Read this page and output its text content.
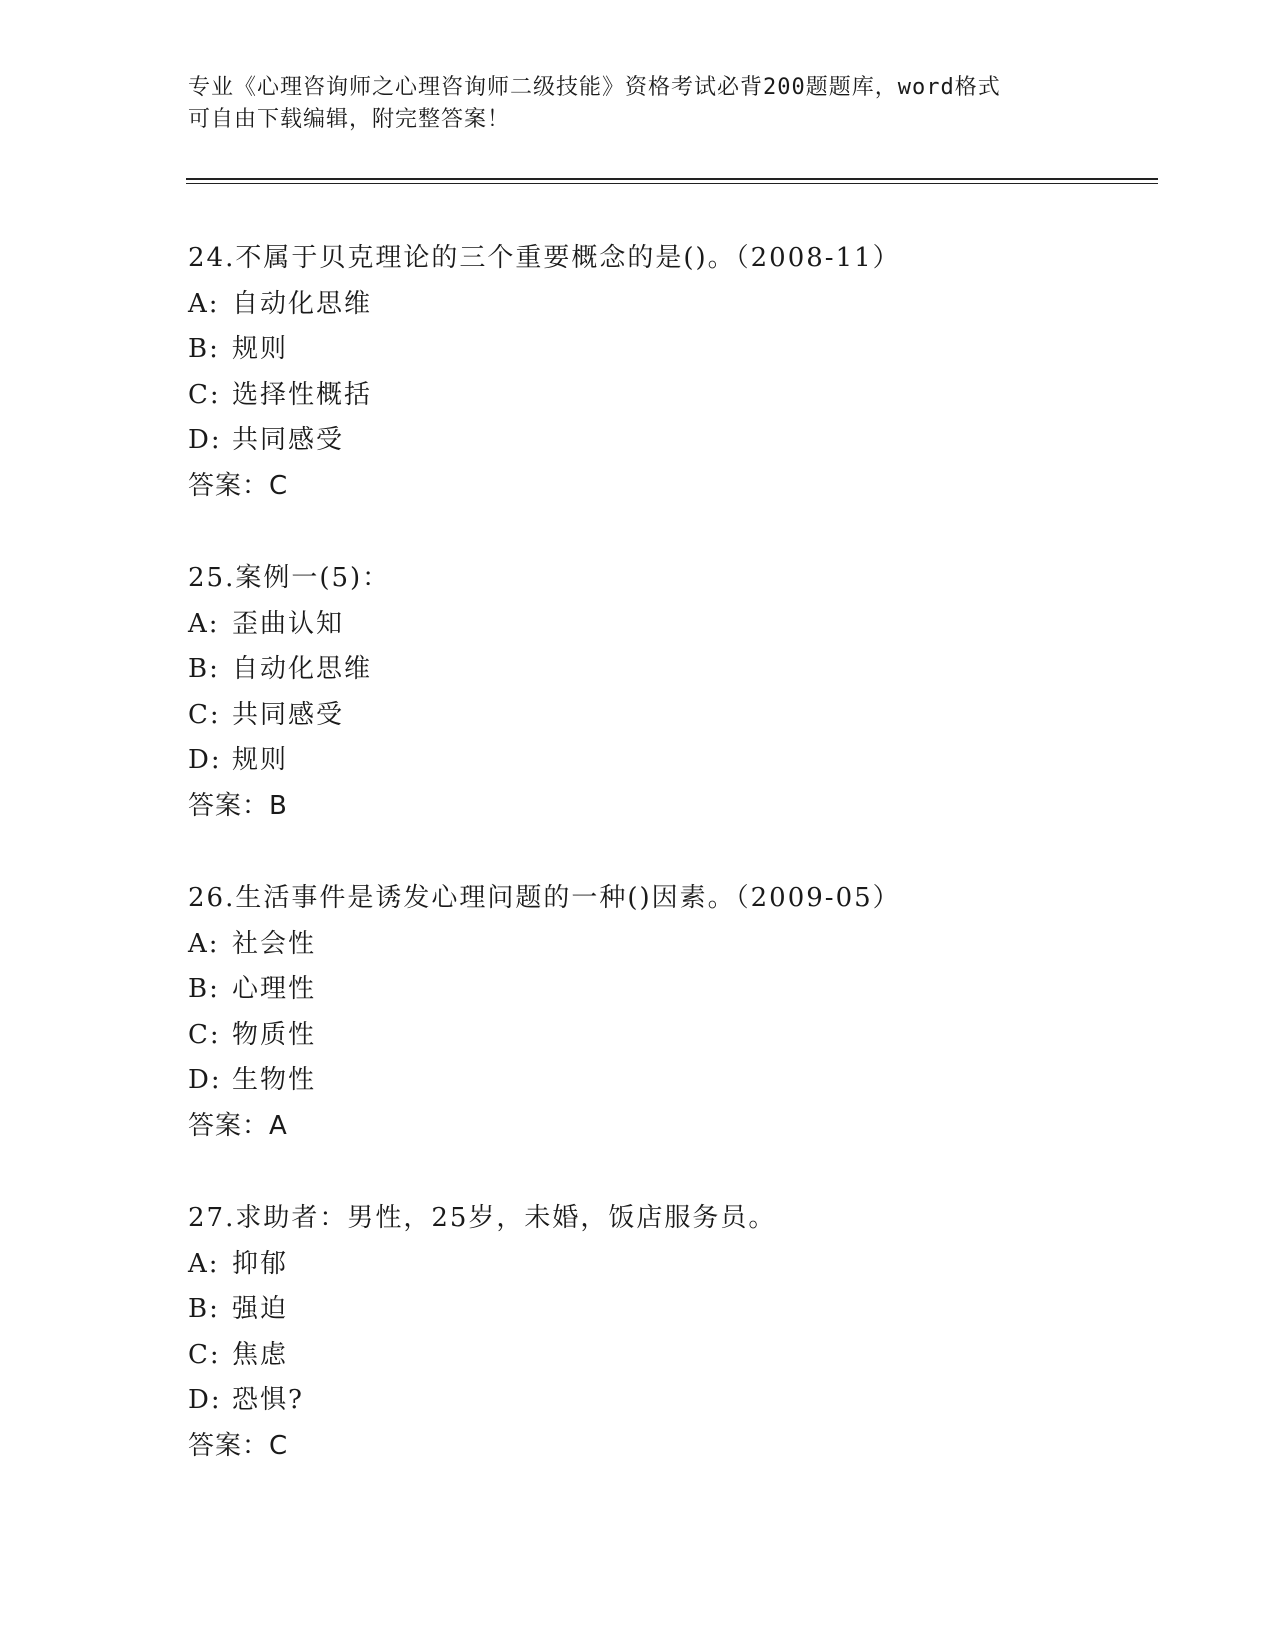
专业《心理咨询师之心理咨询师二级技能》资格考试必背200题题库，word格式
可自由下载编辑，附完整答案！
24.不属于贝克理论的三个重要概念的是()。（2008-11）
A: 自动化思维
B: 规则
C: 选择性概括
D: 共同感受
答案：C
25.案例一(5)：
A: 歪曲认知
B: 自动化思维
C: 共同感受
D: 规则
答案：B
26.生活事件是诱发心理问题的一种()因素。（2009-05）
A: 社会性
B: 心理性
C: 物质性
D: 生物性
答案：A
27.求助者：男性，25岁，未婚，饭店服务员。
A: 抑郁
B: 强迫
C: 焦虑
D: 恐惧?
答案：C
